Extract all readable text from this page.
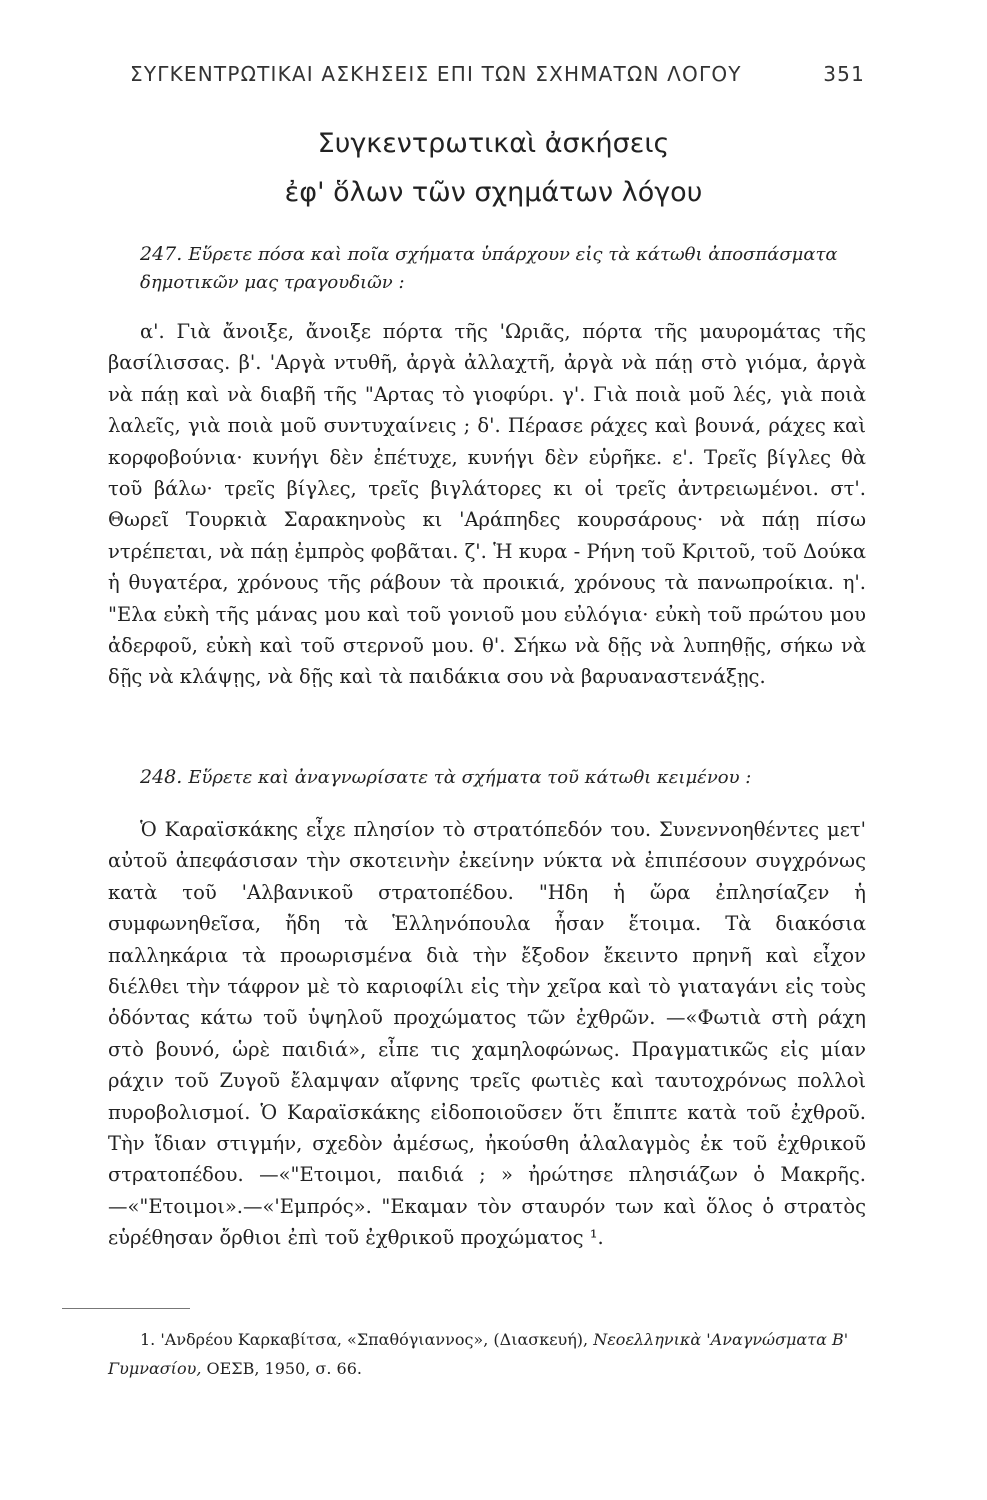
ΣΥΓΚΕΝΤΡΩΤΙΚΑΙ ΑΣΚΗΣΕΙΣ ΕΠΙ ΤΩΝ ΣΧΗΜΑΤΩΝ ΛΟΓΟΥ	351
Συγκεντρωτικαὶ ἀσκήσεις
ἐφ' ὅλων τῶν σχημάτων λόγου
247. Εὕρετε πόσα καὶ ποῖα σχήματα ὑπάρχουν εἰς τὰ κάτωθι ἀποσπάσματα δημοτικῶν μας τραγουδιῶν :
α'. Γιὰ ἄνοιξε, ἄνοιξε πόρτα τῆς 'Ωριᾶς, πόρτα τῆς μαυρομάτας τῆς βασίλισσας. β'. 'Αργὰ ντυθῆ, ἀργὰ ἀλλαχτῆ, ἀργὰ νὰ πάῃ στὸ γιόμα, ἀργὰ νὰ πάῃ καὶ νὰ διαβῆ τῆς "Αρτας τὸ γιοφύρι. γ'. Γιὰ ποιὰ μοῦ λές, γιὰ ποιὰ λαλεῖς, γιὰ ποιὰ μοῦ συντυχαίνεις ; δ'. Πέρασε ράχες καὶ βουνά, ράχες καὶ κορφοβούνια· κυνήγι δὲν ἐπέτυχε, κυνήγι δὲν εὑρῆκε. ε'. Τρεῖς βίγλες θὰ τοῦ βάλω· τρεῖς βίγλες, τρεῖς βιγλάτορες κι οἱ τρεῖς ἀντρειωμένοι. στ'. Θωρεῖ Τουρκιὰ Σαρακηνοὺς κι 'Αράπηδες κουρσάρους· νὰ πάῃ πίσω ντρέπεται, νὰ πάῃ ἐμπρὸς φοβᾶται. ζ'. Ἡ κυρα - Ρήνη τοῦ Κριτοῦ, τοῦ Δούκα ἡ θυγατέρα, χρόνους τῆς ράβουν τὰ προικιά, χρόνους τὰ πανωπροίκια. η'. "Ελα εὐκὴ τῆς μάνας μου καὶ τοῦ γονιοῦ μου εὐλόγια· εὐκὴ τοῦ πρώτου μου ἀδερφοῦ, εὐκὴ καὶ τοῦ στερνοῦ μου. θ'. Σήκω νὰ δῇς νὰ λυπηθῇς, σήκω νὰ δῇς νὰ κλάψῃς, νὰ δῇς καὶ τὰ παιδάκια σου νὰ βαρυαναστενάξῃς.
248. Εὕρετε καὶ ἀναγνωρίσατε τὰ σχήματα τοῦ κάτωθι κειμένου :
Ὁ Καραϊσκάκης εἶχε πλησίον τὸ στρατόπεδόν του. Συνεννοηθέντες μετ' αὐτοῦ ἀπεφάσισαν τὴν σκοτεινὴν ἐκείνην νύκτα νὰ ἐπιπέσουν συγχρόνως κατὰ τοῦ 'Αλβανικοῦ στρατοπέδου. "Ηδη ἡ ὥρα ἐπλησίαζεν ἡ συμφωνηθεῖσα, ἤδη τὰ Ἑλληνόπουλα ἦσαν ἕτοιμα. Τὰ διακόσια παλληκάρια τὰ προωρισμένα διὰ τὴν ἔξοδον ἔκειντο πρηνῆ καὶ εἶχον διέλθει τὴν τάφρον μὲ τὸ καριοφίλι εἰς τὴν χεῖρα καὶ τὸ γιαταγάνι εἰς τοὺς ὀδόντας κάτω τοῦ ὑψηλοῦ προχώματος τῶν ἐχθρῶν. —«Φωτιὰ στὴ ράχη στὸ βουνό, ὡρὲ παιδιά», εἶπε τις χαμηλοφώνως. Πραγματικῶς εἰς μίαν ράχιν τοῦ Ζυγοῦ ἔλαμψαν αἴφνης τρεῖς φωτιὲς καὶ ταυτοχρόνως πολλοὶ πυροβολισμοί. Ὁ Καραϊσκάκης εἰδοποιοῦσεν ὅτι ἔπιπτε κατὰ τοῦ ἐχθροῦ. Τὴν ἴδιαν στιγμήν, σχεδὸν ἀμέσως, ἠκούσθη ἀλαλαγμὸς ἐκ τοῦ ἐχθρικοῦ στρατοπέδου. —«"Ετοιμοι, παιδιά ; » ἠρώτησε πλησιάζων ὁ Μακρῆς.—«"Ετοιμοι».—«'Εμπρός». "Εκαμαν τὸν σταυρόν των καὶ ὅλος ὁ στρατὸς εὑρέθησαν ὄρθιοι ἐπὶ τοῦ ἐχθρικοῦ προχώματος ¹.
1. 'Ανδρέου Καρκαβίτσα, «Σπαθόγιαννος», (Διασκευή), Νεοελληνικὰ 'Αναγνώσματα Β' Γυμνασίου, ΟΕΣΒ, 1950, σ. 66.
